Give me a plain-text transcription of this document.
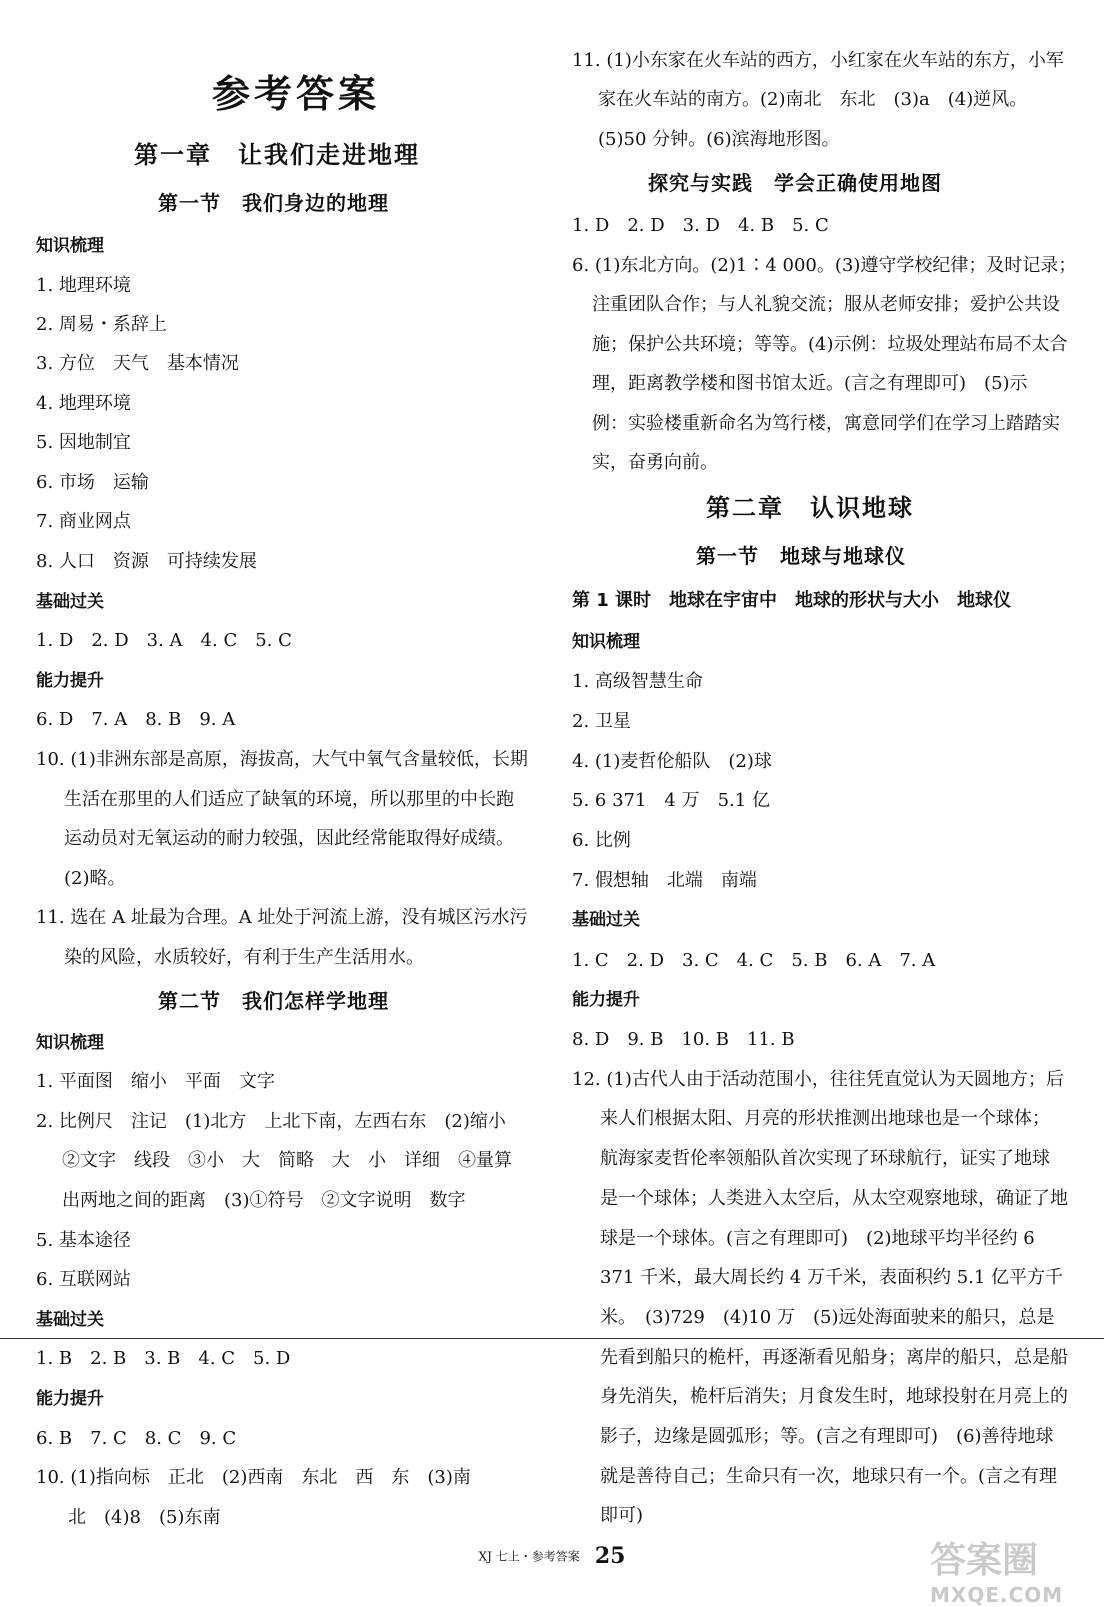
参考答案
第一章　让我们走进地理
第一节　我们身边的地理
知识梳理
1. 地理环境
2. 周易・系辞上
3. 方位　天气　基本情况
4. 地理环境
5. 因地制宜
6. 市场　运输
7. 商业网点
8. 人口　资源　可持续发展
基础过关
1. D　2. D　3. A　4. C　5. C
能力提升
6. D　7. A　8. B　9. A
10. (1)非洲东部是高原，海拔高，大气中氧气含量较低，长期
生活在那里的人们适应了缺氧的环境，所以那里的中长跑
运动员对无氧运动的耐力较强，因此经常能取得好成绩。
(2)略。
11. 选在 A 址最为合理。A 址处于河流上游，没有城区污水污
染的风险，水质较好，有利于生产生活用水。
第二节　我们怎样学地理
知识梳理
1. 平面图　缩小　平面　文字
2. 比例尺　注记　(1)北方　上北下南，左西右东　(2)缩小
②文字　线段　③小　大　简略　大　小　详细　④量算
出两地之间的距离　(3)①符号　②文字说明　数字
5. 基本途径
6. 互联网站
基础过关
1. B　2. B　3. B　4. C　5. D
能力提升
6. B　7. C　8. C　9. C
10. (1)指向标　正北　(2)西南　东北　西　东　(3)南
北　(4)8　(5)东南
11. (1)小东家在火车站的西方，小红家在火车站的东方，小军
家在火车站的南方。(2)南北　东北　(3)a　(4)逆风。
(5)50 分钟。(6)滨海地形图。
探究与实践　学会正确使用地图
1. D　2. D　3. D　4. B　5. C
6. (1)东北方向。(2)1∶4 000。(3)遵守学校纪律；及时记录；
注重团队合作；与人礼貌交流；服从老师安排；爱护公共设
施；保护公共环境；等等。(4)示例：垃圾处理站布局不太合
理，距离教学楼和图书馆太近。(言之有理即可)　(5)示
例：实验楼重新命名为笃行楼，寓意同学们在学习上踏踏实
实，奋勇向前。
第二章　认识地球
第一节　地球与地球仪
第 1 课时　地球在宇宙中　地球的形状与大小　地球仪
知识梳理
1. 高级智慧生命
2. 卫星
4. (1)麦哲伦船队　(2)球
5. 6 371　4 万　5.1 亿
6. 比例
7. 假想轴　北端　南端
基础过关
1. C　2. D　3. C　4. C　5. B　6. A　7. A
能力提升
8. D　9. B　10. B　11. B
12. (1)古代人由于活动范围小，往往凭直觉认为天圆地方；后
来人们根据太阳、月亮的形状推测出地球也是一个球体；
航海家麦哲伦率领船队首次实现了环球航行，证实了地球
是一个球体；人类进入太空后，从太空观察地球，确证了地
球是一个球体。(言之有理即可)　(2)地球平均半径约 6
371 千米，最大周长约 4 万千米，表面积约 5.1 亿平方千
米。　(3)729　(4)10 万　(5)远处海面驶来的船只，总是
先看到船只的桅杆，再逐渐看见船身；离岸的船只，总是船
身先消失，桅杆后消失；月食发生时，地球投射在月亮上的
影子，边缘是圆弧形；等。(言之有理即可)　(6)善待地球
就是善待自己；生命只有一次，地球只有一个。(言之有理
即可)
XJ 七上・参考答案 25	答案圈
MXQE.COM
